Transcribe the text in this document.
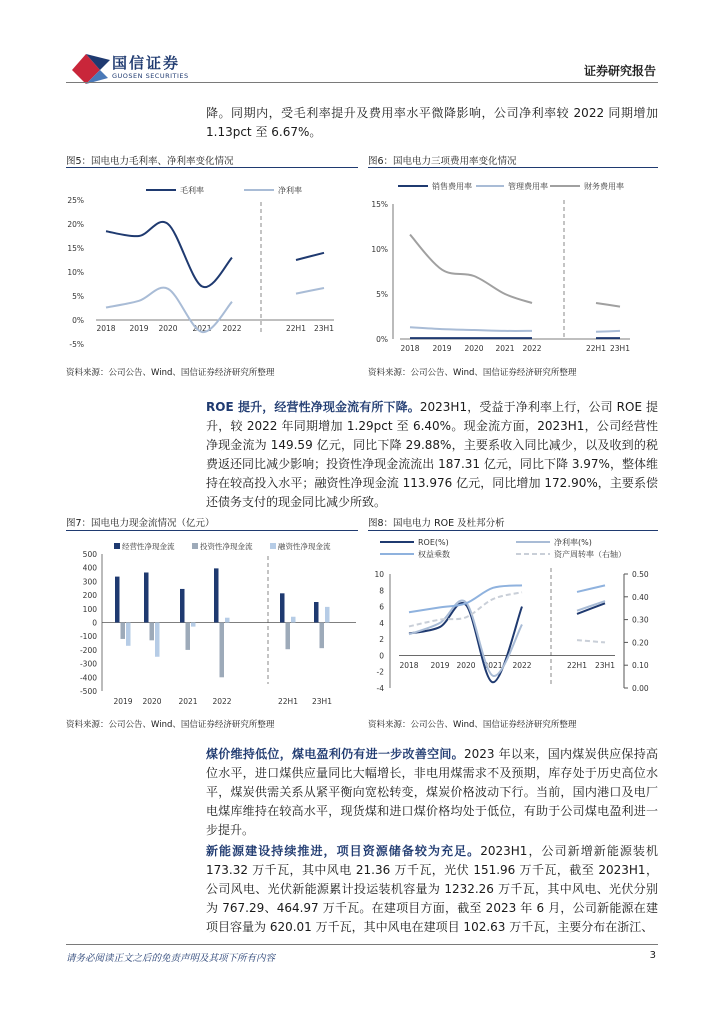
国信证券
GUOSEN SECURITIES	证券研究报告

降。同期内，受毛利率提升及费用率水平微降影响，公司净利率较 2022 同期增加 1.13pct 至 6.67%。

图5：国电电力毛利率、净利率变化情况	图6：国电电力三项费用率变化情况
毛利率	净利率
25%
20%
15%
10%
5%
0%
-5%
2018 2019 2020 2021 2022	22H1 23H1
销售费用率	管理费用率	财务费用率
15%
10%
5%
0%
2018 2019 2020 2021 2022	22H1 23H1
资料来源：公司公告、Wind、国信证券经济研究所整理	资料来源：公司公告、Wind、国信证券经济研究所整理

ROE 提升，经营性净现金流有所下降。2023H1，受益于净利率上行，公司 ROE 提升，较 2022 年同期增加 1.29pct 至 6.40%。现金流方面，2023H1，公司经营性净现金流为 149.59 亿元，同比下降 29.88%，主要系收入同比减少，以及收到的税费返还同比减少影响；投资性净现金流流出 187.31 亿元，同比下降 3.97%，整体维持在较高投入水平；融资性净现金流 113.976 亿元，同比增加 172.90%，主要系偿还债务支付的现金同比减少所致。

图7：国电电力现金流情况（亿元）	图8：国电电力 ROE 及杜邦分析
经营性净现金流	投资性净现金流	融资性净现金流
500
400
300
200
100
0
-100
-200
-300
-400
-500
2019 2020 2021 2022	22H1 23H1
ROE(%)	净利率(%)
权益乘数	资产周转率（右轴）
10
8
6
4
2
0
-2
-4
0.50
0.40
0.30
0.20
0.10
0.00
2018 2019 2020 2021 2022	22H1 23H1
资料来源：公司公告、Wind、国信证券经济研究所整理	资料来源：公司公告、Wind、国信证券经济研究所整理

煤价维持低位，煤电盈利仍有进一步改善空间。2023 年以来，国内煤炭供应保持高位水平，进口煤供应量同比大幅增长，非电用煤需求不及预期，库存处于历史高位水平，煤炭供需关系从紧平衡向宽松转变，煤炭价格波动下行。当前，国内港口及电厂电煤库维持在较高水平，现货煤和进口煤价格均处于低位，有助于公司煤电盈利进一步提升。

新能源建设持续推进，项目资源储备较为充足。2023H1，公司新增新能源装机 173.32 万千瓦，其中风电 21.36 万千瓦，光伏 151.96 万千瓦，截至 2023H1，公司风电、光伏新能源累计投运装机容量为 1232.26 万千瓦，其中风电、光伏分别为 767.29、464.97 万千瓦。在建项目方面，截至 2023 年 6 月，公司新能源在建项目容量为 620.01 万千瓦，其中风电在建项目 102.63 万千瓦，主要分布在浙江、

请务必阅读正文之后的免责声明及其项下所有内容	3
